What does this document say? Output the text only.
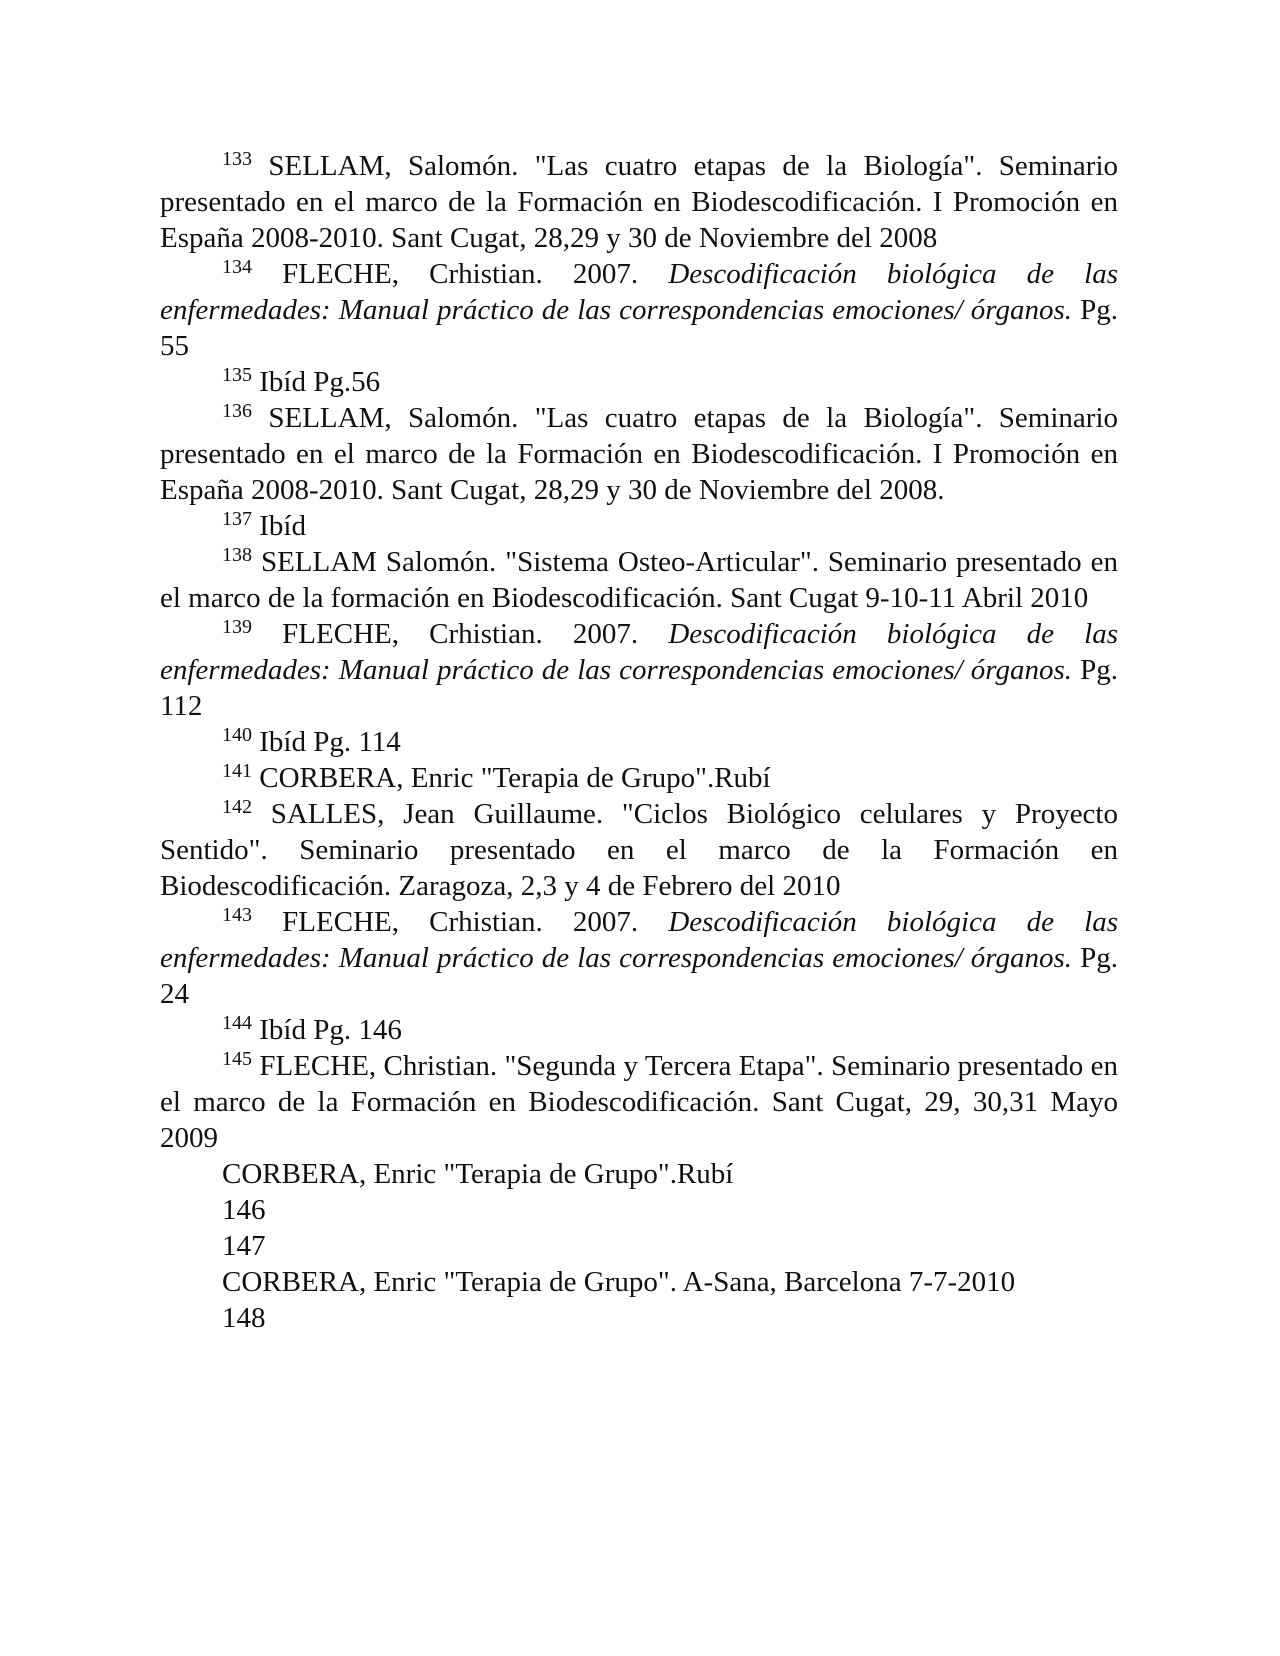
$^{133}$ SELLAM, Salomón. "Las cuatro etapas de la Biología". Seminario presentado en el marco de la Formación en Biodescodificación. I Promoción en España 2008-2010. Sant Cugat, 28,29 y 30 de Noviembre del 2008

$^{134}$ FLECHE, Crhistian. 2007. Descodificación biológica de las enfermedades: Manual práctico de las correspondencias emociones/ órganos. Pg. 55

$^{135}$ Ibíd Pg.56

$^{136}$ SELLAM, Salomón. "Las cuatro etapas de la Biología". Seminario presentado en el marco de la Formación en Biodescodificación. I Promoción en España 2008-2010. Sant Cugat, 28,29 y 30 de Noviembre del 2008.

$^{137}$ Ibíd

$^{138}$ SELLAM Salomón. "Sistema Osteo-Articular". Seminario presentado en el marco de la formación en Biodescodificación. Sant Cugat 9-10-11 Abril 2010

$^{139}$ FLECHE, Crhistian. 2007. Descodificación biológica de las enfermedades: Manual práctico de las correspondencias emociones/ órganos. Pg. 112

$^{140}$ Ibíd Pg. 114

$^{141}$ CORBERA, Enric "Terapia de Grupo".Rubí

$^{142}$ SALLES, Jean Guillaume. "Ciclos Biológico celulares y Proyecto Sentido". Seminario presentado en el marco de la Formación en Biodescodificación. Zaragoza, 2,3 y 4 de Febrero del 2010

$^{143}$ FLECHE, Crhistian. 2007. Descodificación biológica de las enfermedades: Manual práctico de las correspondencias emociones/ órganos. Pg. 24

$^{144}$ Ibíd Pg. 146

$^{145}$ FLECHE, Christian. "Segunda y Tercera Etapa". Seminario presentado en el marco de la Formación en Biodescodificación. Sant Cugat, 29, 30,31 Mayo 2009

CORBERA, Enric "Terapia de Grupo".Rubí

146

147

CORBERA, Enric "Terapia de Grupo". A-Sana, Barcelona 7-7-2010

148
